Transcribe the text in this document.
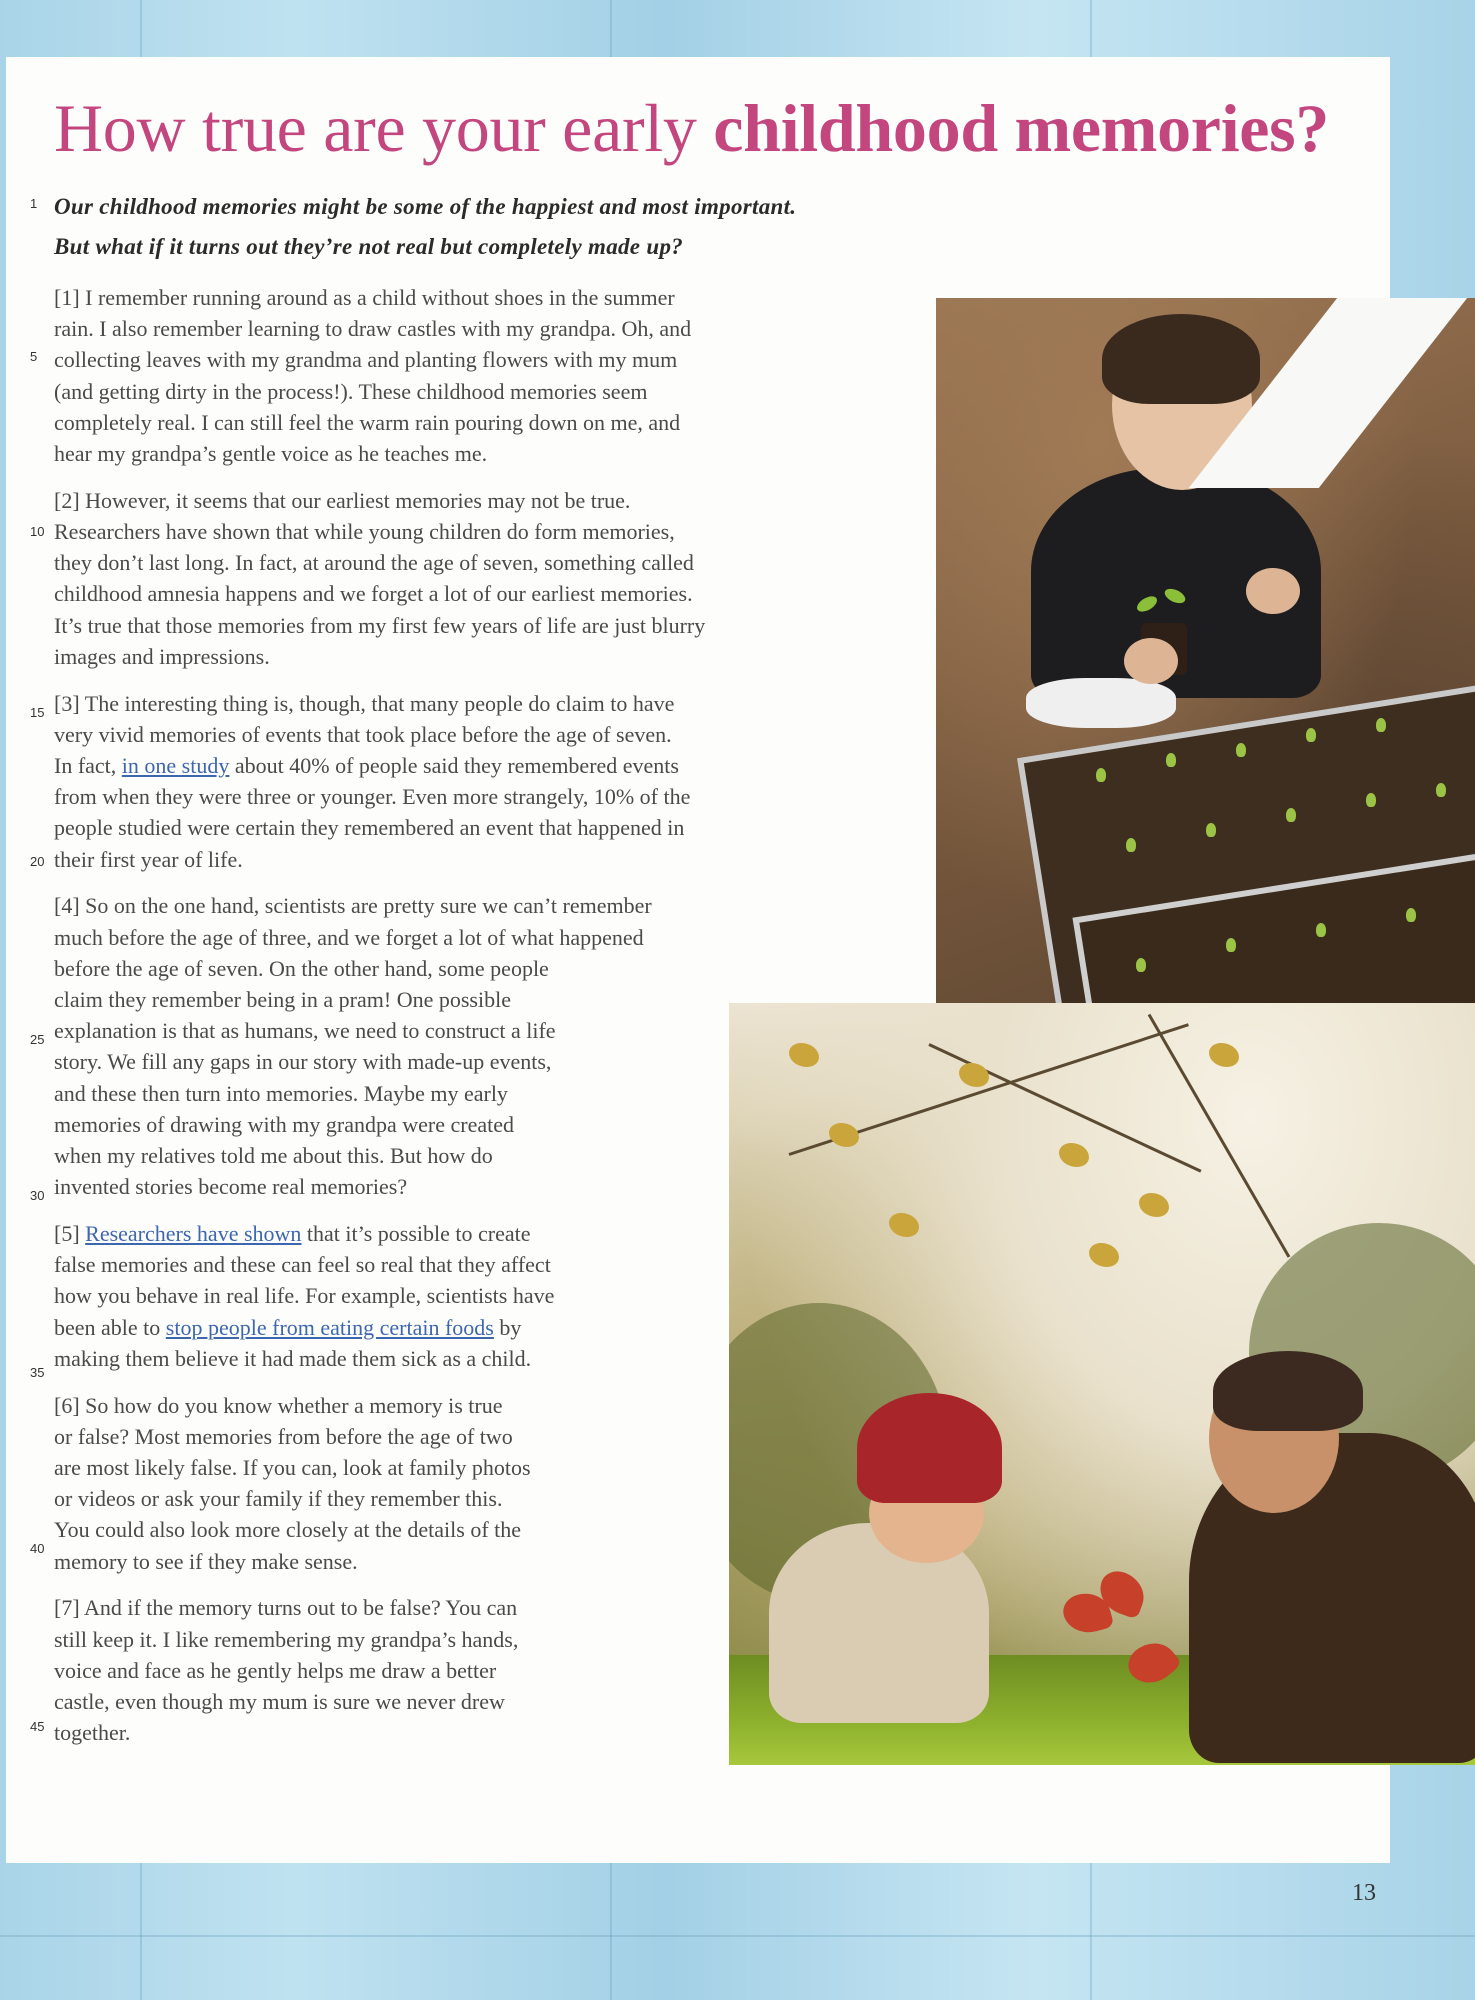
How true are your early childhood memories?
Our childhood memories might be some of the happiest and most important.
But what if it turns out they’re not real but completely made up?
1
5
10
15
20
25
30
35
40
45
[1] I remember running around as a child without shoes in the summer
rain. I also remember learning to draw castles with my grandpa. Oh, and
collecting leaves with my grandma and planting flowers with my mum
(and getting dirty in the process!). These childhood memories seem
completely real. I can still feel the warm rain pouring down on me, and
hear my grandpa’s gentle voice as he teaches me.
[2] However, it seems that our earliest memories may not be true.
Researchers have shown that while young children do form memories,
they don’t last long. In fact, at around the age of seven, something called
childhood amnesia happens and we forget a lot of our earliest memories.
It’s true that those memories from my first few years of life are just blurry
images and impressions.
[3] The interesting thing is, though, that many people do claim to have
very vivid memories of events that took place before the age of seven.
In fact, in one study about 40% of people said they remembered events
from when they were three or younger. Even more strangely, 10% of the
people studied were certain they remembered an event that happened in
their first year of life.
[4] So on the one hand, scientists are pretty sure we can’t remember
much before the age of three, and we forget a lot of what happened
before the age of seven. On the other hand, some people
claim they remember being in a pram! One possible
explanation is that as humans, we need to construct a life
story. We fill any gaps in our story with made-up events,
and these then turn into memories. Maybe my early
memories of drawing with my grandpa were created
when my relatives told me about this. But how do
invented stories become real memories?
[5] Researchers have shown that it’s possible to create
false memories and these can feel so real that they affect
how you behave in real life. For example, scientists have
been able to stop people from eating certain foods by
making them believe it had made them sick as a child.
[6] So how do you know whether a memory is true
or false? Most memories from before the age of two
are most likely false. If you can, look at family photos
or videos or ask your family if they remember this.
You could also look more closely at the details of the
memory to see if they make sense.
[7] And if the memory turns out to be false? You can
still keep it. I like remembering my grandpa’s hands,
voice and face as he gently helps me draw a better
castle, even though my mum is sure we never drew
together.
13
